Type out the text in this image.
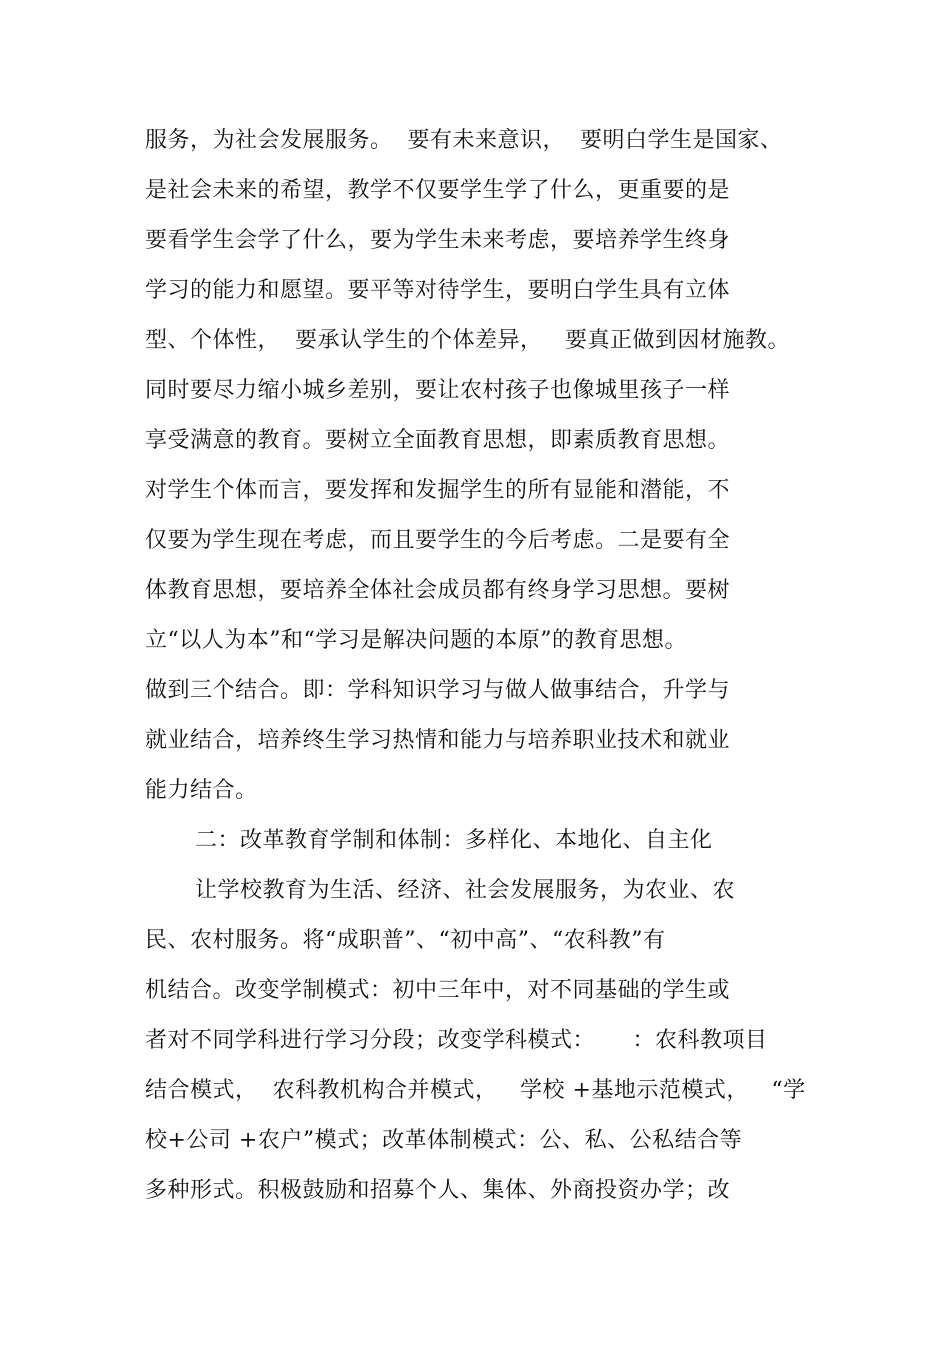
服务，为社会发展服务。  要有未来意识，  要明白学生是国家、
是社会未来的希望，教学不仅要学生学了什么，更重要的是
要看学生会学了什么，要为学生未来考虑，要培养学生终身
学习的能力和愿望。要平等对待学生，要明白学生具有立体
型、个体性，  要承认学生的个体差异，   要真正做到因材施教。
同时要尽力缩小城乡差别，要让农村孩子也像城里孩子一样
享受满意的教育。要树立全面教育思想，即素质教育思想。
对学生个体而言，要发挥和发掘学生的所有显能和潜能，不
仅要为学生现在考虑，而且要学生的今后考虑。二是要有全
体教育思想，要培养全体社会成员都有终身学习思想。要树
立“以人为本”和“学习是解决问题的本原”的教育思想。
做到三个结合。即：学科知识学习与做人做事结合，升学与
就业结合，培养终生学习热情和能力与培养职业技术和就业
能力结合。
二：改革教育学制和体制：多样化、本地化、自主化
让学校教育为生活、经济、社会发展服务，为农业、农
民、农村服务。将“成职普”、“初中高”、“农科教”有
机结合。改变学制模式：初中三年中，对不同基础的学生或
者对不同学科进行学习分段；改变学科模式：     ：农科教项目
结合模式，  农科教机构合并模式，   学校 +基地示范模式，   “学
校+公司 +农户”模式；改革体制模式：公、私、公私结合等
多种形式。积极鼓励和招募个人、集体、外商投资办学；改
